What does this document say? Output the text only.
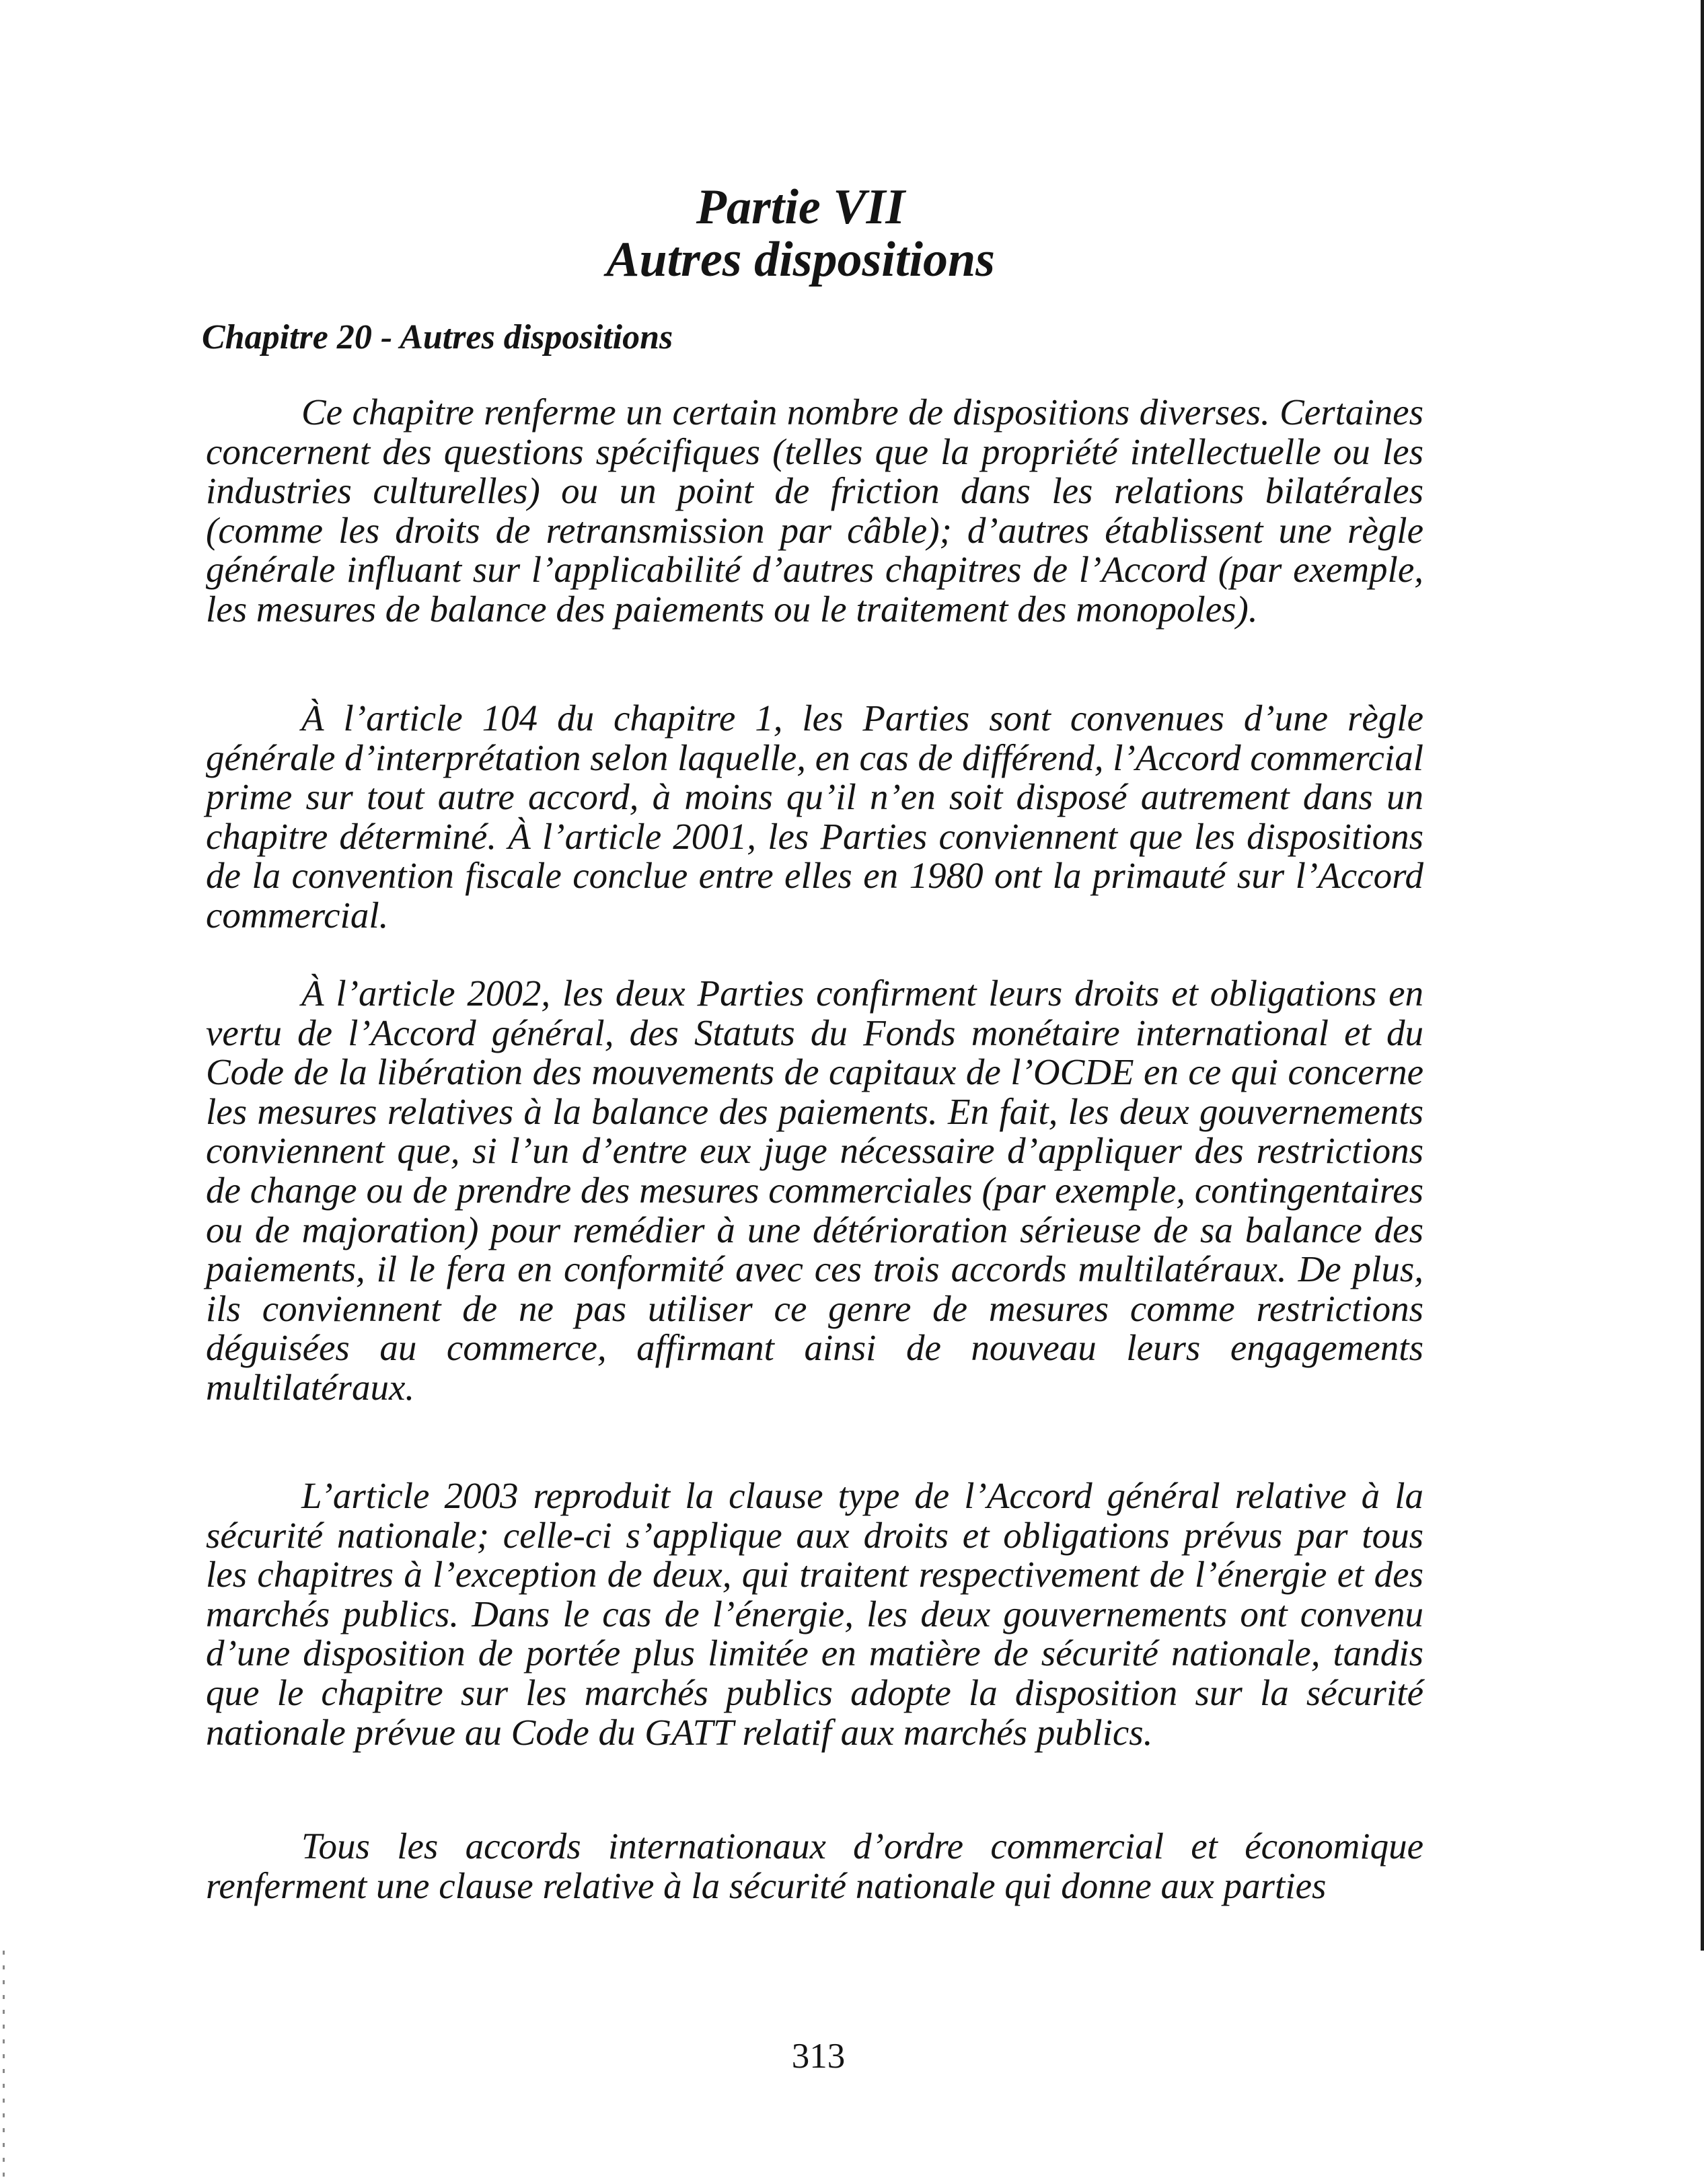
Partie VII
Autres dispositions
Chapitre 20 - Autres dispositions

Ce chapitre renferme un certain nombre de dispositions diverses. Certaines concernent des questions spécifiques (telles que la propriété intellectuelle ou les industries culturelles) ou un point de friction dans les relations bilatérales (comme les droits de retransmission par câble); d’autres établissent une règle générale influant sur l’applicabilité d’autres chapitres de l’Accord (par exemple, les mesures de balance des paiements ou le traitement des monopoles).

À l’article 104 du chapitre 1, les Parties sont convenues d’une règle générale d’interprétation selon laquelle, en cas de différend, l’Accord commercial prime sur tout autre accord, à moins qu’il n’en soit disposé autrement dans un chapitre déterminé. À l’article 2001, les Parties conviennent que les dispositions de la convention fiscale conclue entre elles en 1980 ont la primauté sur l’Accord commercial.

À l’article 2002, les deux Parties confirment leurs droits et obligations en vertu de l’Accord général, des Statuts du Fonds monétaire international et du Code de la libération des mouvements de capitaux de l’OCDE en ce qui concerne les mesures relatives à la balance des paiements. En fait, les deux gouvernements conviennent que, si l’un d’entre eux juge nécessaire d’appliquer des restrictions de change ou de prendre des mesures commerciales (par exemple, contingentaires ou de majoration) pour remédier à une détérioration sérieuse de sa balance des paiements, il le fera en conformité avec ces trois accords multilatéraux. De plus, ils conviennent de ne pas utiliser ce genre de mesures comme restrictions déguisées au commerce, affirmant ainsi de nouveau leurs engagements multilatéraux.

L’article 2003 reproduit la clause type de l’Accord général relative à la sécurité nationale; celle-ci s’applique aux droits et obligations prévus par tous les chapitres à l’exception de deux, qui traitent respectivement de l’énergie et des marchés publics. Dans le cas de l’énergie, les deux gouvernements ont convenu d’une disposition de portée plus limitée en matière de sécurité nationale, tandis que le chapitre sur les marchés publics adopte la disposition sur la sécurité nationale prévue au Code du GATT relatif aux marchés publics.

Tous les accords internationaux d’ordre commercial et économique renferment une clause relative à la sécurité nationale qui donne aux parties

313
